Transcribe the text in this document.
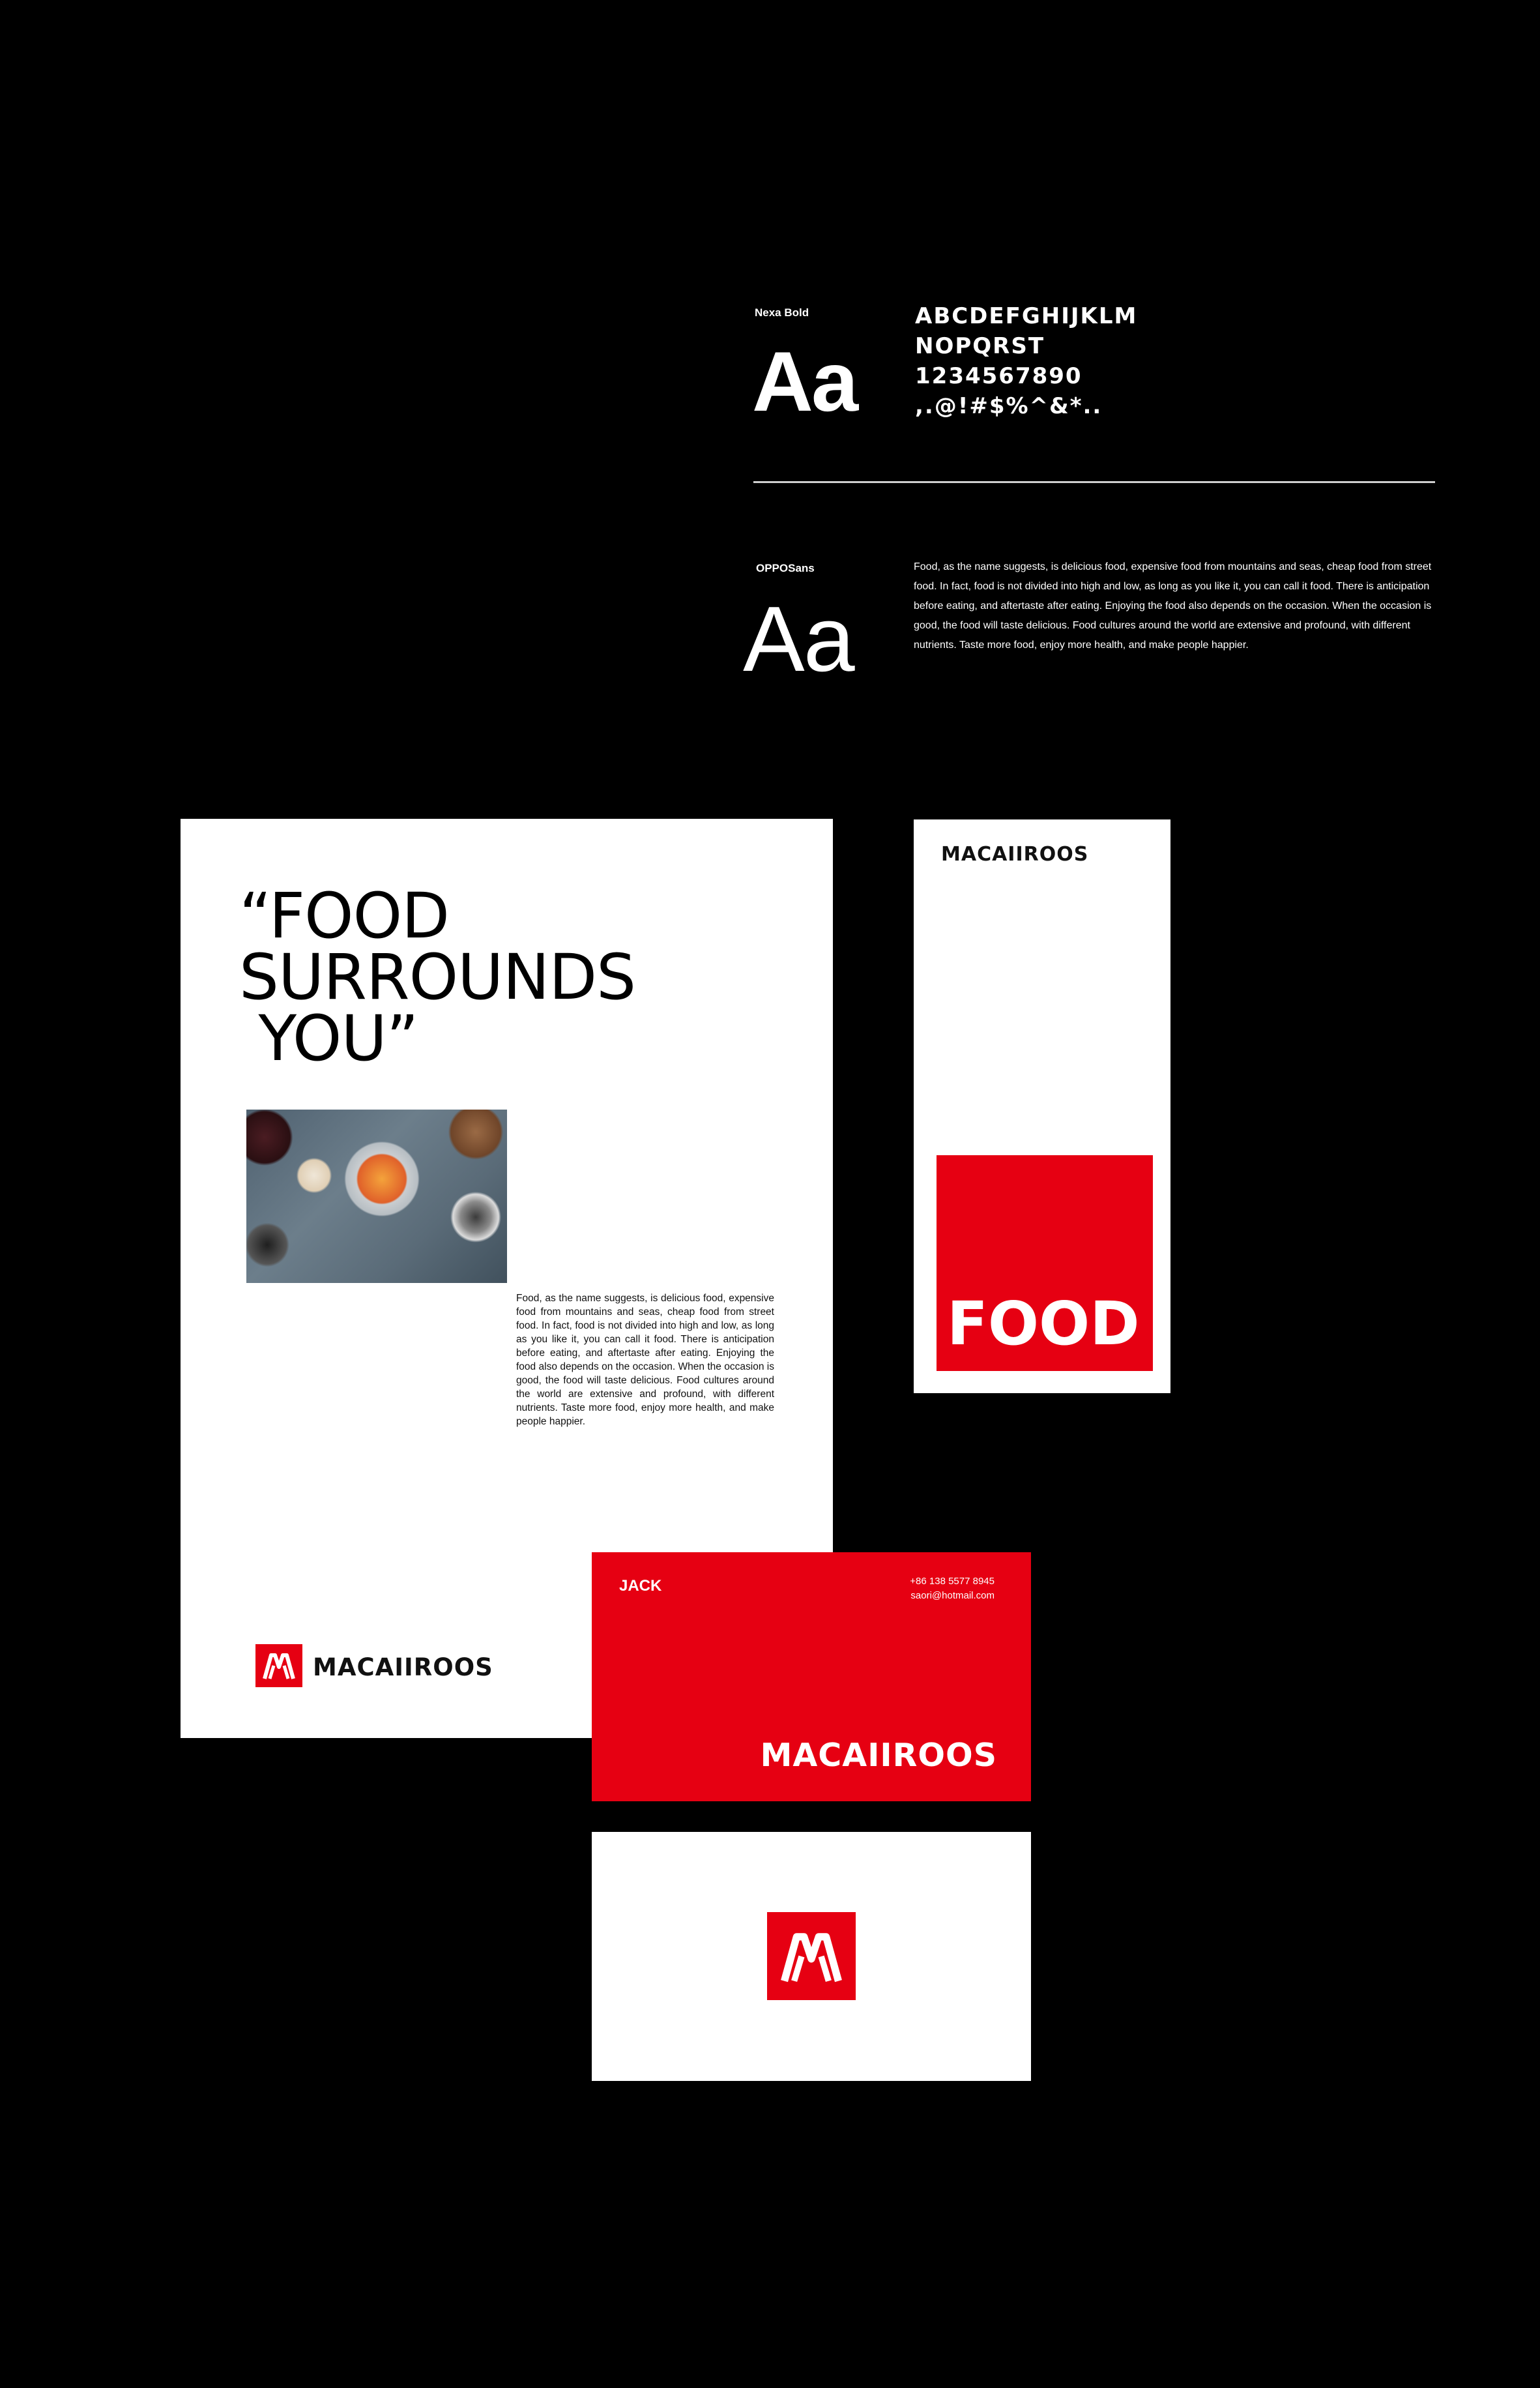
Nexa Bold
Aa
ABCDEFGHIJKLM
NOPQRST
1234567890
,.@!#$%^&*..
OPPOSans
Aa
Food, as the name suggests, is delicious food, expensive food from mountains and seas, cheap food from street food. In fact, food is not divided into high and low, as long as you like it, you can call it food. There is anticipation before eating, and aftertaste after eating. Enjoying the food also depends on the occasion. When the occasion is good, the food will taste delicious. Food cultures around the world are extensive and profound, with different nutrients. Taste more food, enjoy more health, and make people happier.
“FOOD
SURROUNDS
YOU”
Food, as the name suggests, is delicious food, expensive food from mountains and seas, cheap food from street food. In fact, food is not divided into high and low, as long as you like it, you can call it food. There is anticipation before eating, and aftertaste after eating. Enjoying the food also depends on the occasion. When the occasion is good, the food will taste delicious. Food cultures around the world are extensive and profound, with different nutrients. Taste more food, enjoy more health, and make people happier.
MACAIIROOS
MACAIIROOS
FOOD
JACK	+86 138 5577 8945
saori@hotmail.com
MACAIIROOS
